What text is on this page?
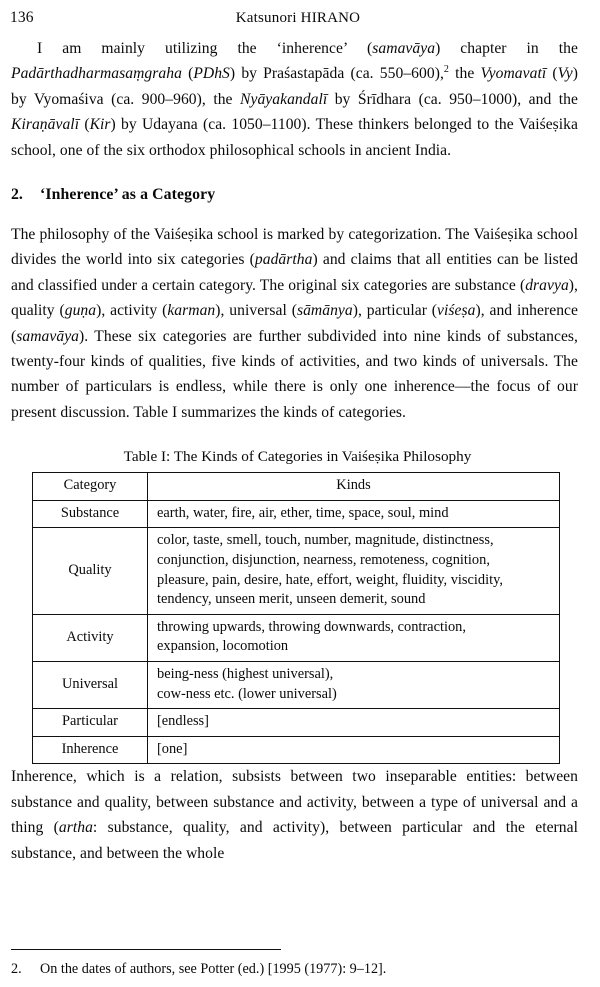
136	Katsunori HIRANO

I am mainly utilizing the ‘inherence’ (samavāya) chapter in the Padārthadharmasaṃgraha (PDhS) by Praśastapāda (ca. 550–600),$^2$ the Vyomavatī (Vy) by Vyomaśiva (ca. 900–960), the Nyāyakandalī by Śrīdhara (ca. 950–1000), and the Kiraṇāvalī (Kir) by Udayana (ca. 1050–1100). These thinkers belonged to the Vaiśeṣika school, one of the six orthodox philosophical schools in ancient India.

2.	‘Inherence’ as a Category

The philosophy of the Vaiśeṣika school is marked by categorization. The Vaiśeṣika school divides the world into six categories (padārtha) and claims that all entities can be listed and classified under a certain category. The original six categories are substance (dravya), quality (guṇa), activity (karman), universal (sāmānya), particular (viśeṣa), and inherence (samavāya). These six categories are further subdivided into nine kinds of substances, twenty-four kinds of qualities, five kinds of activities, and two kinds of universals. The number of particulars is endless, while there is only one inherence—the focus of our present discussion. Table I summarizes the kinds of categories.

Table I: The Kinds of Categories in Vaiśeṣika Philosophy
Category	Kinds
Substance	earth, water, fire, air, ether, time, space, soul, mind
Quality	color, taste, smell, touch, number, magnitude, distinctness,
conjunction, disjunction, nearness, remoteness, cognition,
pleasure, pain, desire, hate, effort, weight, fluidity, viscidity,
tendency, unseen merit, unseen demerit, sound
Activity	throwing upwards, throwing downwards, contraction,
expansion, locomotion
Universal	being-ness (highest universal),
cow-ness etc. (lower universal)
Particular	[endless]
Inherence	[one]

Inherence, which is a relation, subsists between two inseparable entities: between substance and quality, between substance and activity, between a type of universal and a thing (artha: substance, quality, and activity), between particular and the eternal substance, and between the whole

2.	On the dates of authors, see Potter (ed.) [1995 (1977): 9–12].
